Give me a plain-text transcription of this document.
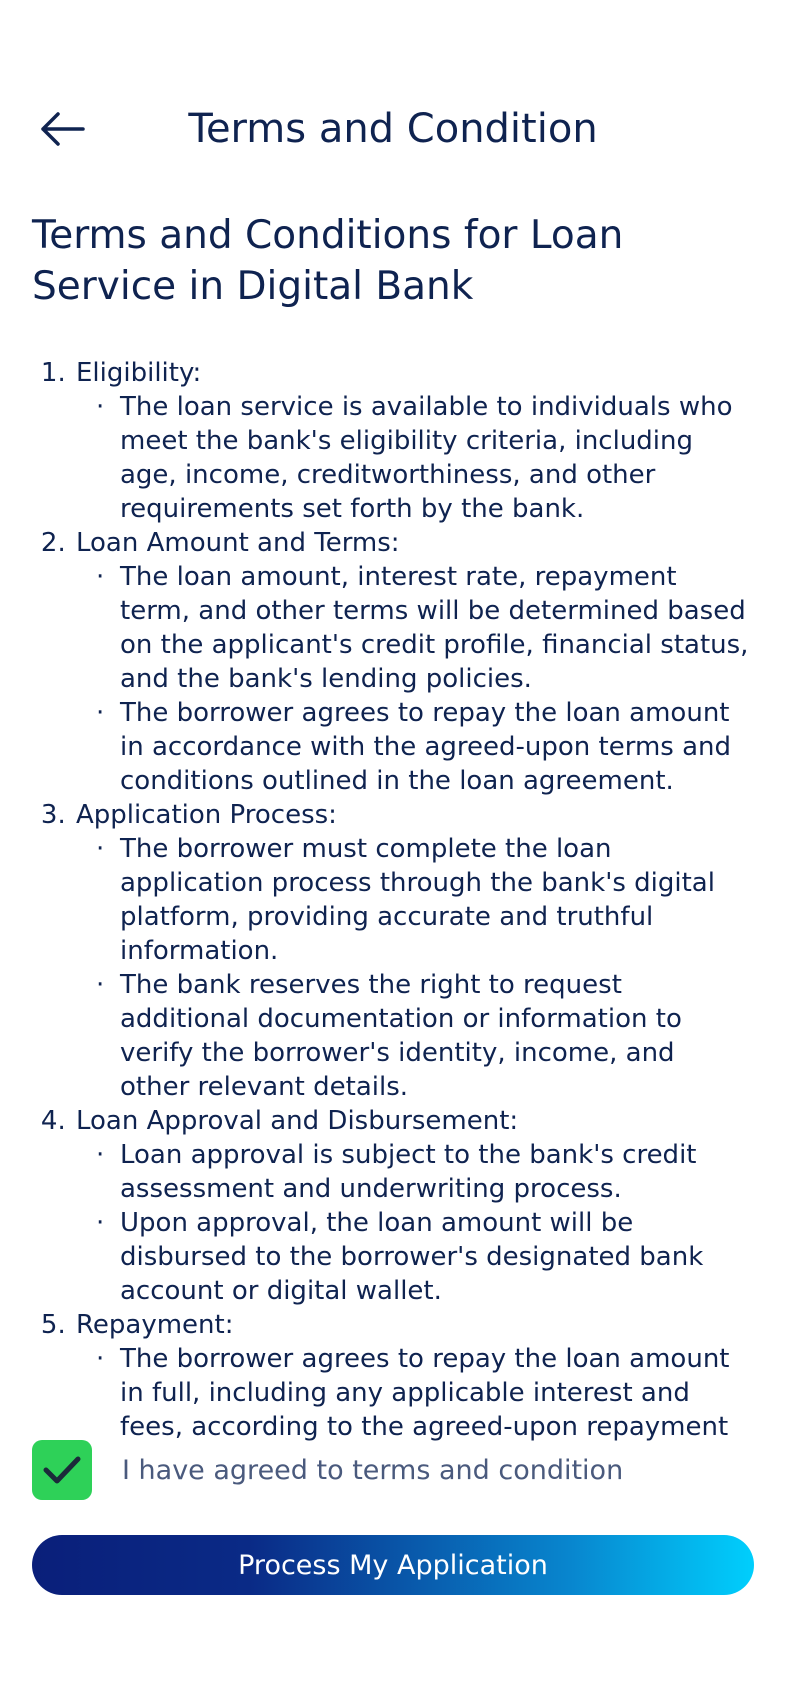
Terms and Condition
Terms and Conditions for Loan Service in Digital Bank
1. Eligibility:
· The loan service is available to individuals who meet the bank's eligibility criteria, including age, income, creditworthiness, and other requirements set forth by the bank.
2. Loan Amount and Terms:
· The loan amount, interest rate, repayment term, and other terms will be determined based on the applicant's credit profile, financial status, and the bank's lending policies.
· The borrower agrees to repay the loan amount in accordance with the agreed-upon terms and conditions outlined in the loan agreement.
3. Application Process:
· The borrower must complete the loan application process through the bank's digital platform, providing accurate and truthful information.
· The bank reserves the right to request additional documentation or information to verify the borrower's identity, income, and other relevant details.
4. Loan Approval and Disbursement:
· Loan approval is subject to the bank's credit assessment and underwriting process.
· Upon approval, the loan amount will be disbursed to the borrower's designated bank account or digital wallet.
5. Repayment:
· The borrower agrees to repay the loan amount in full, including any applicable interest and fees, according to the agreed-upon repayment
I have agreed to terms and condition
Process My Application
